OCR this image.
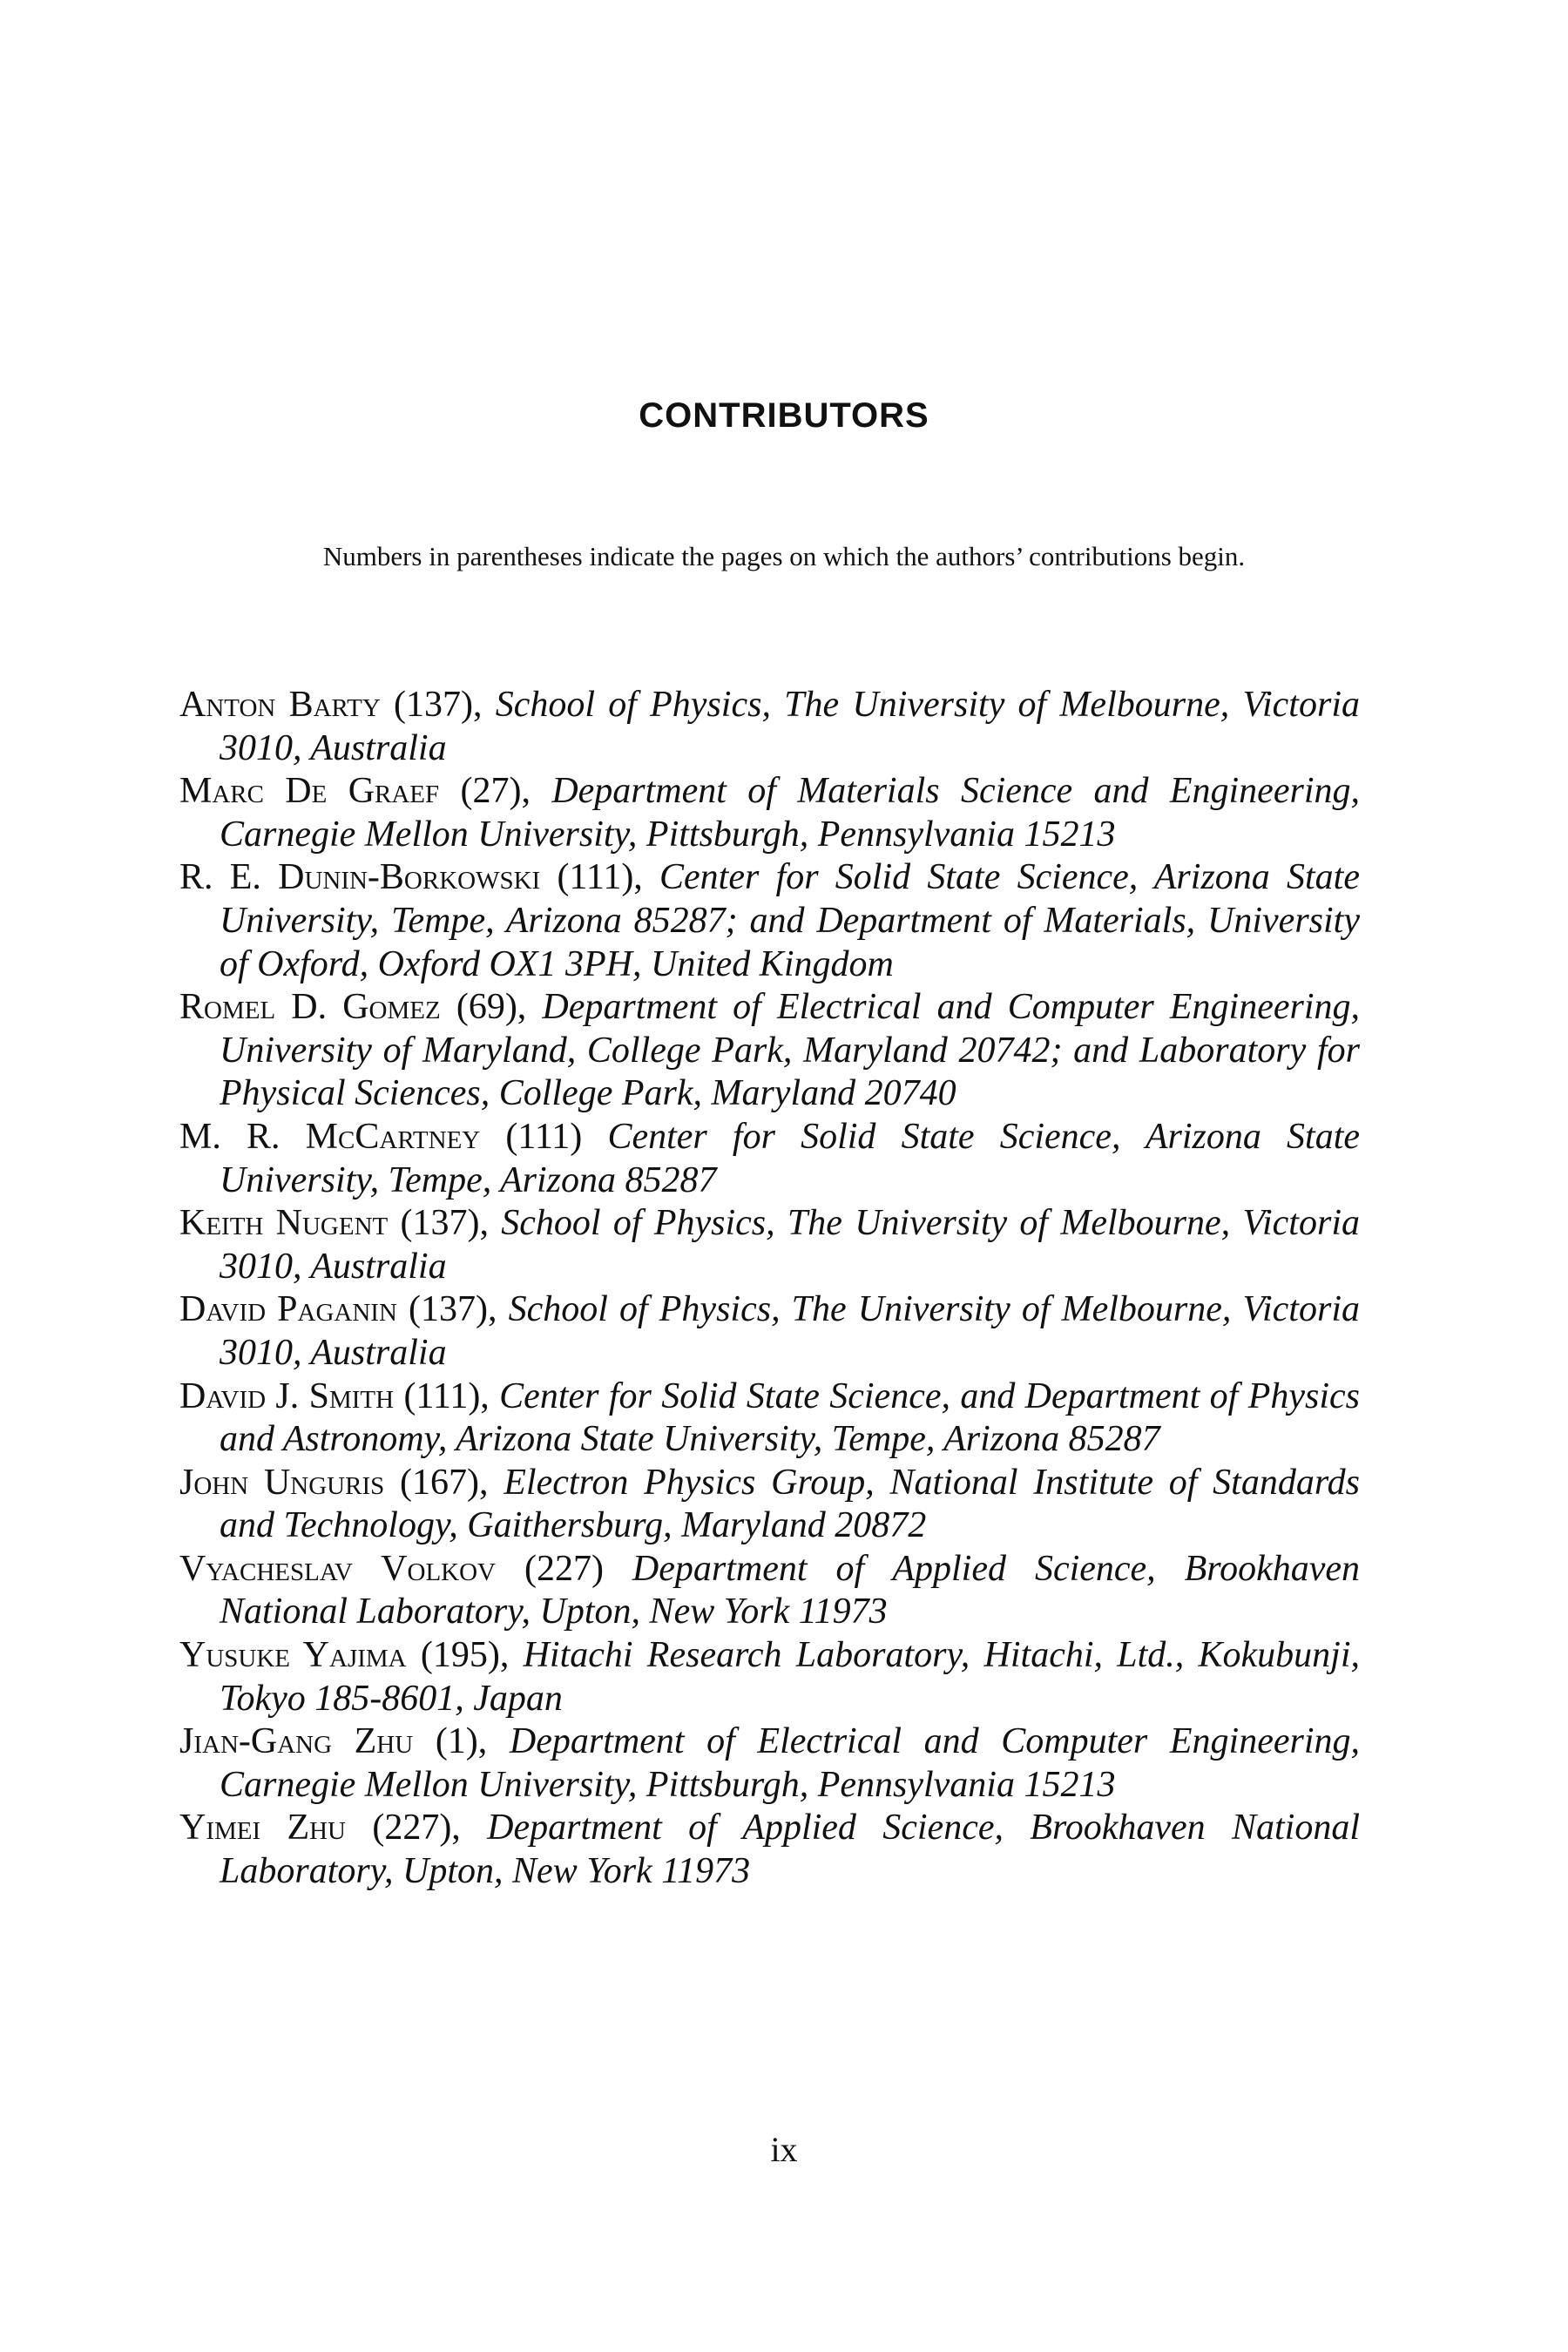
CONTRIBUTORS

Numbers in parentheses indicate the pages on which the authors’ contributions begin.

Anton Barty (137), School of Physics, The University of Melbourne, Victoria 3010, Australia
Marc De Graef (27), Department of Materials Science and Engineering, Carnegie Mellon University, Pittsburgh, Pennsylvania 15213
R. E. Dunin-Borkowski (111), Center for Solid State Science, Arizona State University, Tempe, Arizona 85287; and Department of Materials, University of Oxford, Oxford OX1 3PH, United Kingdom
Romel D. Gomez (69), Department of Electrical and Computer Engineering, University of Maryland, College Park, Maryland 20742; and Laboratory for Physical Sciences, College Park, Maryland 20740
M. R. McCartney (111) Center for Solid State Science, Arizona State University, Tempe, Arizona 85287
Keith Nugent (137), School of Physics, The University of Melbourne, Victoria 3010, Australia
David Paganin (137), School of Physics, The University of Melbourne, Victoria 3010, Australia
David J. Smith (111), Center for Solid State Science, and Department of Physics and Astronomy, Arizona State University, Tempe, Arizona 85287
John Unguris (167), Electron Physics Group, National Institute of Standards and Technology, Gaithersburg, Maryland 20872
Vyacheslav Volkov (227) Department of Applied Science, Brookhaven National Laboratory, Upton, New York 11973
Yusuke Yajima (195), Hitachi Research Laboratory, Hitachi, Ltd., Kokubunji, Tokyo 185-8601, Japan
Jian-Gang Zhu (1), Department of Electrical and Computer Engineering, Carnegie Mellon University, Pittsburgh, Pennsylvania 15213
Yimei Zhu (227), Department of Applied Science, Brookhaven National Laboratory, Upton, New York 11973
ix
